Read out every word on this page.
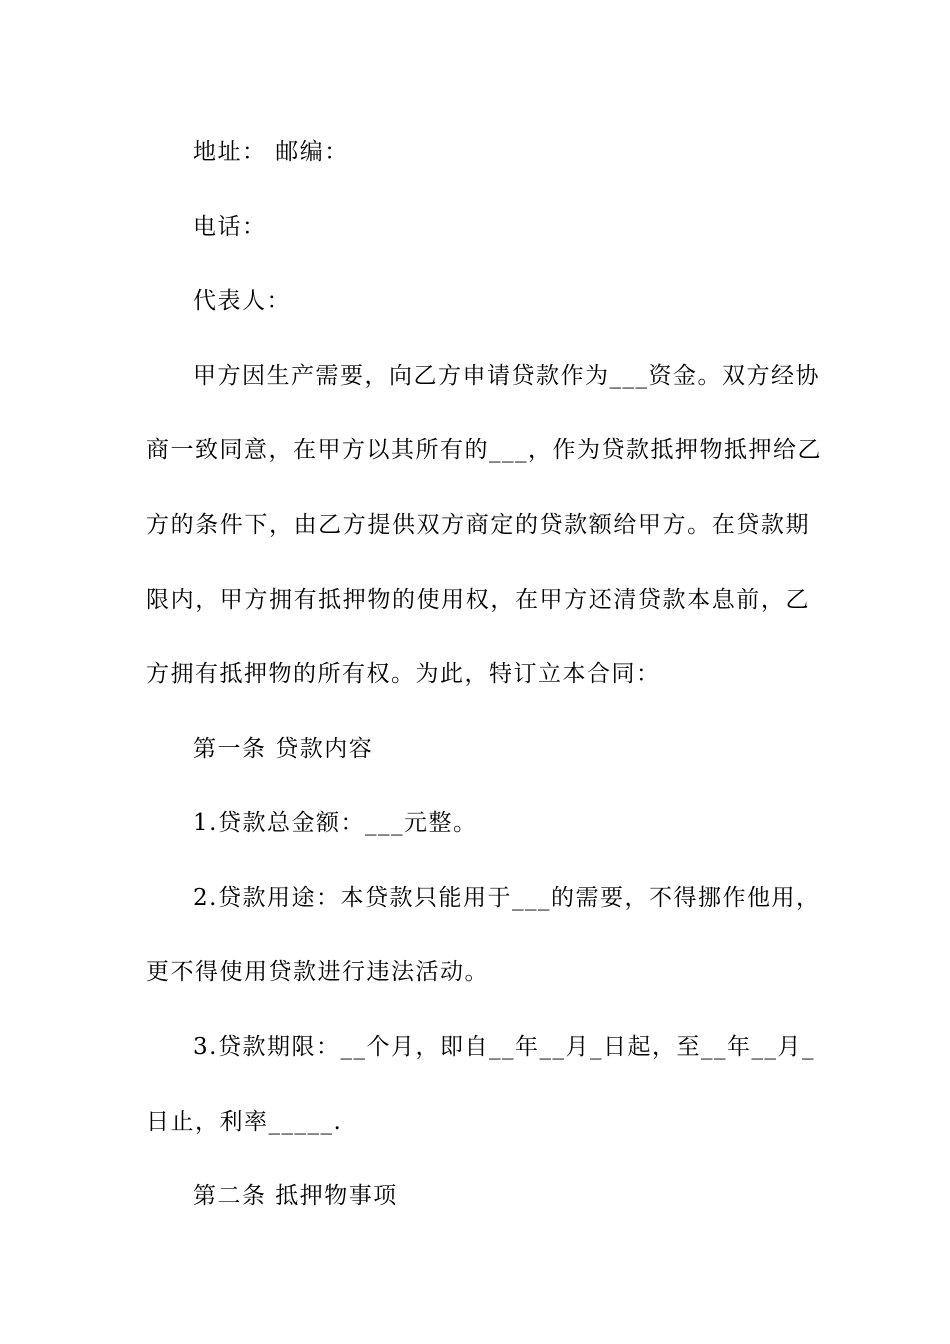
地址： 邮编：
电话：
代表人：
甲方因生产需要，向乙方申请贷款作为___资金。双方经协
商一致同意，在甲方以其所有的___，作为贷款抵押物抵押给乙
方的条件下，由乙方提供双方商定的贷款额给甲方。在贷款期
限内，甲方拥有抵押物的使用权，在甲方还清贷款本息前，乙
方拥有抵押物的所有权。为此，特订立本合同：
第一条 贷款内容
1.贷款总金额：___元整。
2.贷款用途：本贷款只能用于___的需要，不得挪作他用，
更不得使用贷款进行违法活动。
3.贷款期限：__个月，即自__年__月_日起，至__年__月_
日止，利率_____.
第二条 抵押物事项
